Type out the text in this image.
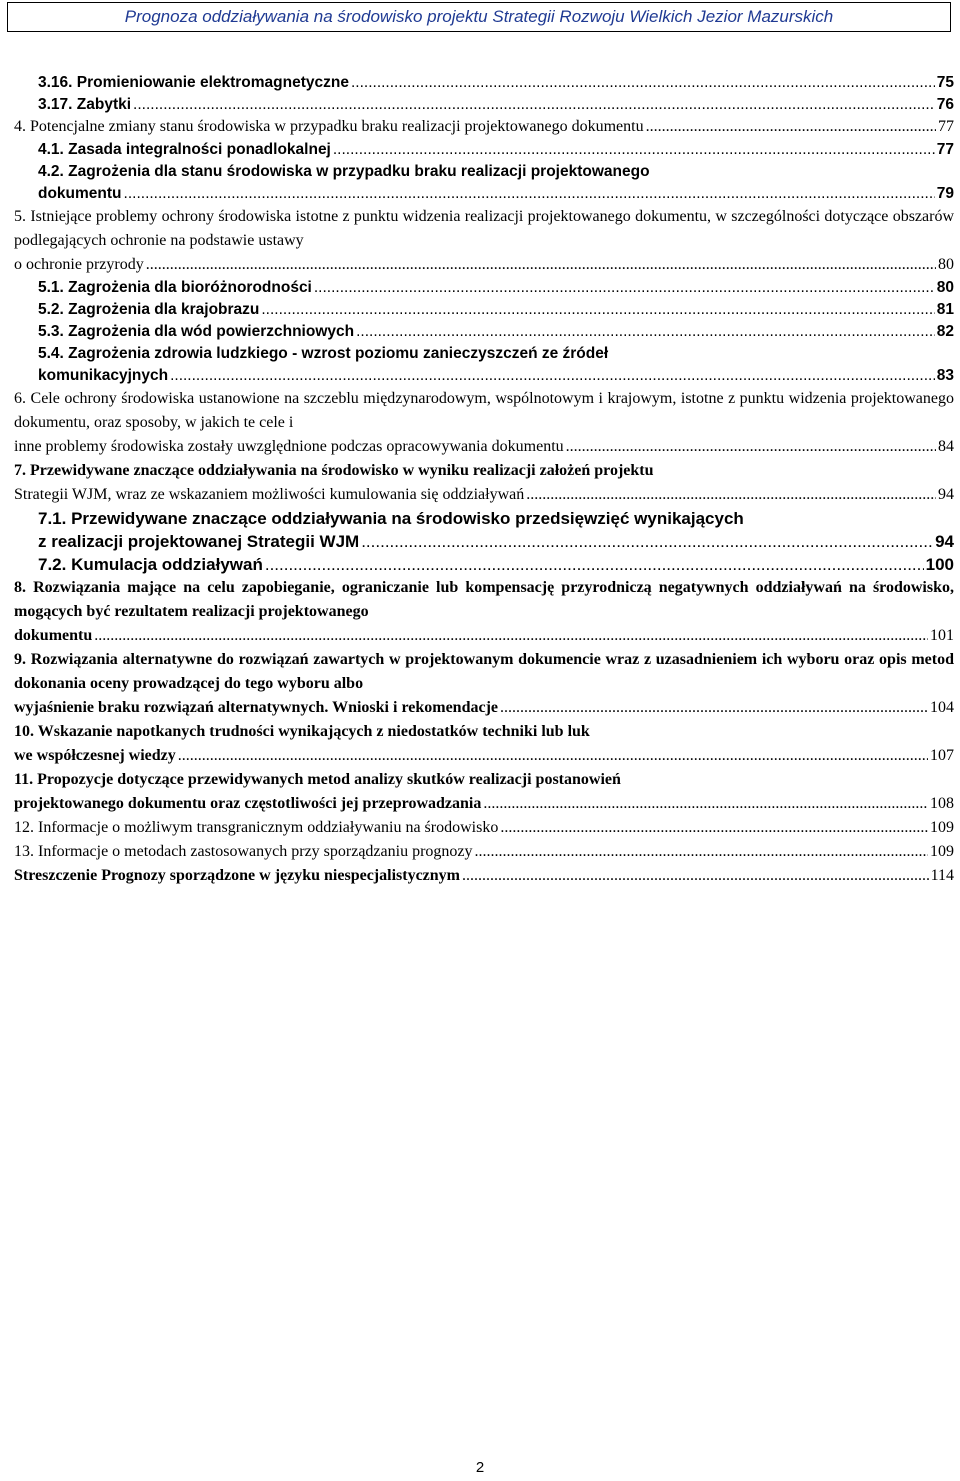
Prognoza oddziaływania na środowisko projektu Strategii Rozwoju Wielkich Jezior Mazurskich
3.16. Promieniowanie elektromagnetyczne .....	75
3.17. Zabytki .....	76
4. Potencjalne zmiany stanu środowiska w przypadku braku realizacji projektowanego dokumentu .....	77
4.1. Zasada integralności ponadlokalnej .....	77
4.2. Zagrożenia dla stanu środowiska w przypadku braku realizacji projektowanego
dokumentu .....	79
5. Istniejące problemy ochrony środowiska istotne z punktu widzenia realizacji projektowanego dokumentu, w szczególności dotyczące obszarów podlegających ochronie na podstawie ustawy
o ochronie przyrody .....	80
5.1. Zagrożenia dla bioróżnorodności .....	80
5.2. Zagrożenia dla krajobrazu .....	81
5.3. Zagrożenia dla wód powierzchniowych .....	82
5.4. Zagrożenia zdrowia ludzkiego - wzrost poziomu zanieczyszczeń ze źródeł
komunikacyjnych .....	83
6. Cele ochrony środowiska ustanowione na szczeblu międzynarodowym, wspólnotowym i krajowym, istotne z punktu widzenia projektowanego dokumentu, oraz sposoby, w jakich te cele i
inne problemy środowiska zostały uwzględnione podczas opracowywania dokumentu .....	84
7. Przewidywane znaczące oddziaływania na środowisko w wyniku realizacji założeń projektu
Strategii WJM, wraz ze wskazaniem możliwości kumulowania się oddziaływań .....	94
7.1. Przewidywane znaczące oddziaływania na środowisko przedsięwzięć wynikających
z realizacji projektowanej Strategii WJM .....	94
7.2. Kumulacja oddziaływań .....	100
8. Rozwiązania mające na celu zapobieganie, ograniczanie lub kompensację przyrodniczą negatywnych oddziaływań na środowisko, mogących być rezultatem realizacji projektowanego
dokumentu .....	101
9. Rozwiązania alternatywne do rozwiązań zawartych w projektowanym dokumencie wraz z uzasadnieniem ich wyboru oraz opis metod dokonania oceny prowadzącej do tego wyboru albo
wyjaśnienie braku rozwiązań alternatywnych. Wnioski i rekomendacje .....	104
10. Wskazanie napotkanych trudności wynikających z niedostatków techniki lub luk
we współczesnej wiedzy .....	107
11. Propozycje dotyczące przewidywanych metod analizy skutków realizacji postanowień
projektowanego dokumentu oraz częstotliwości jej przeprowadzania .....	108
12. Informacje o możliwym transgranicznym oddziaływaniu na środowisko .....	109
13. Informacje o metodach zastosowanych przy sporządzaniu prognozy .....	109
Streszczenie Prognozy sporządzone w języku niespecjalistycznym .....	114
2
